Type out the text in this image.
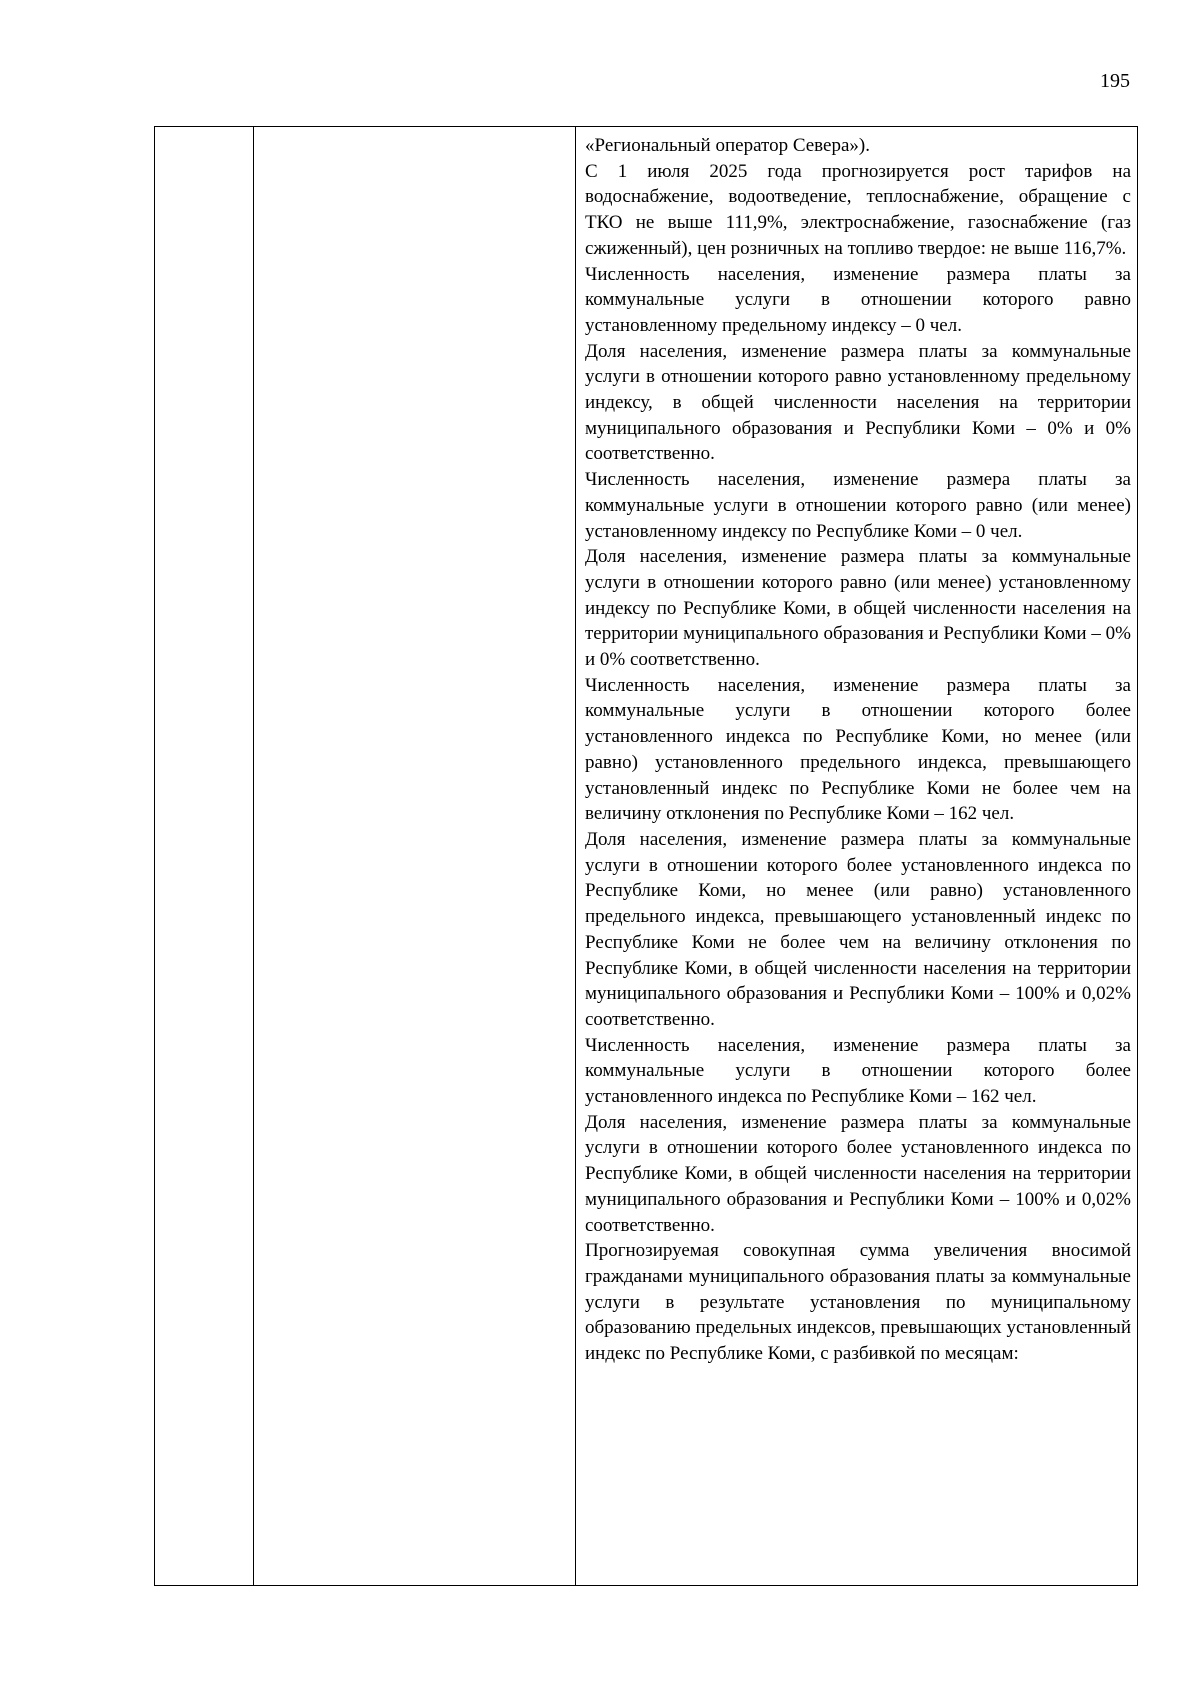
195

«Региональный оператор Севера»).

С 1 июля 2025 года прогнозируется рост тарифов на водоснабжение, водоотведение, теплоснабжение, обращение с ТКО не выше 111,9%, электроснабжение, газоснабжение (газ сжиженный), цен розничных на топливо твердое: не выше 116,7%.

Численность населения, изменение размера платы за коммунальные услуги в отношении которого равно установленному предельному индексу – 0 чел.

Доля населения, изменение размера платы за коммунальные услуги в отношении которого равно установленному предельному индексу, в общей численности населения на территории муниципального образования и Республики Коми – 0% и 0% соответственно.

Численность населения, изменение размера платы за коммунальные услуги в отношении которого равно (или менее) установленному индексу по Республике Коми – 0 чел.

Доля населения, изменение размера платы за коммунальные услуги в отношении которого равно (или менее) установленному индексу по Республике Коми, в общей численности населения на территории муниципального образования и Республики Коми – 0% и 0% соответственно.

Численность населения, изменение размера платы за коммунальные услуги в отношении которого более установленного индекса по Республике Коми, но менее (или равно) установленного предельного индекса, превышающего установленный индекс по Республике Коми не более чем на величину отклонения по Республике Коми – 162 чел.

Доля населения, изменение размера платы за коммунальные услуги в отношении которого более установленного индекса по Республике Коми, но менее (или равно) установленного предельного индекса, превышающего установленный индекс по Республике Коми не более чем на величину отклонения по Республике Коми, в общей численности населения на территории муниципального образования и Республики Коми – 100% и 0,02% соответственно.

Численность населения, изменение размера платы за коммунальные услуги в отношении которого более установленного индекса по Республике Коми – 162 чел.

Доля населения, изменение размера платы за коммунальные услуги в отношении которого более установленного индекса по Республике Коми, в общей численности населения на территории муниципального образования и Республики Коми – 100% и 0,02% соответственно.

Прогнозируемая совокупная сумма увеличения вносимой гражданами муниципального образования платы за коммунальные услуги в результате установления по муниципальному образованию предельных индексов, превышающих установленный индекс по Республике Коми, с разбивкой по месяцам:
